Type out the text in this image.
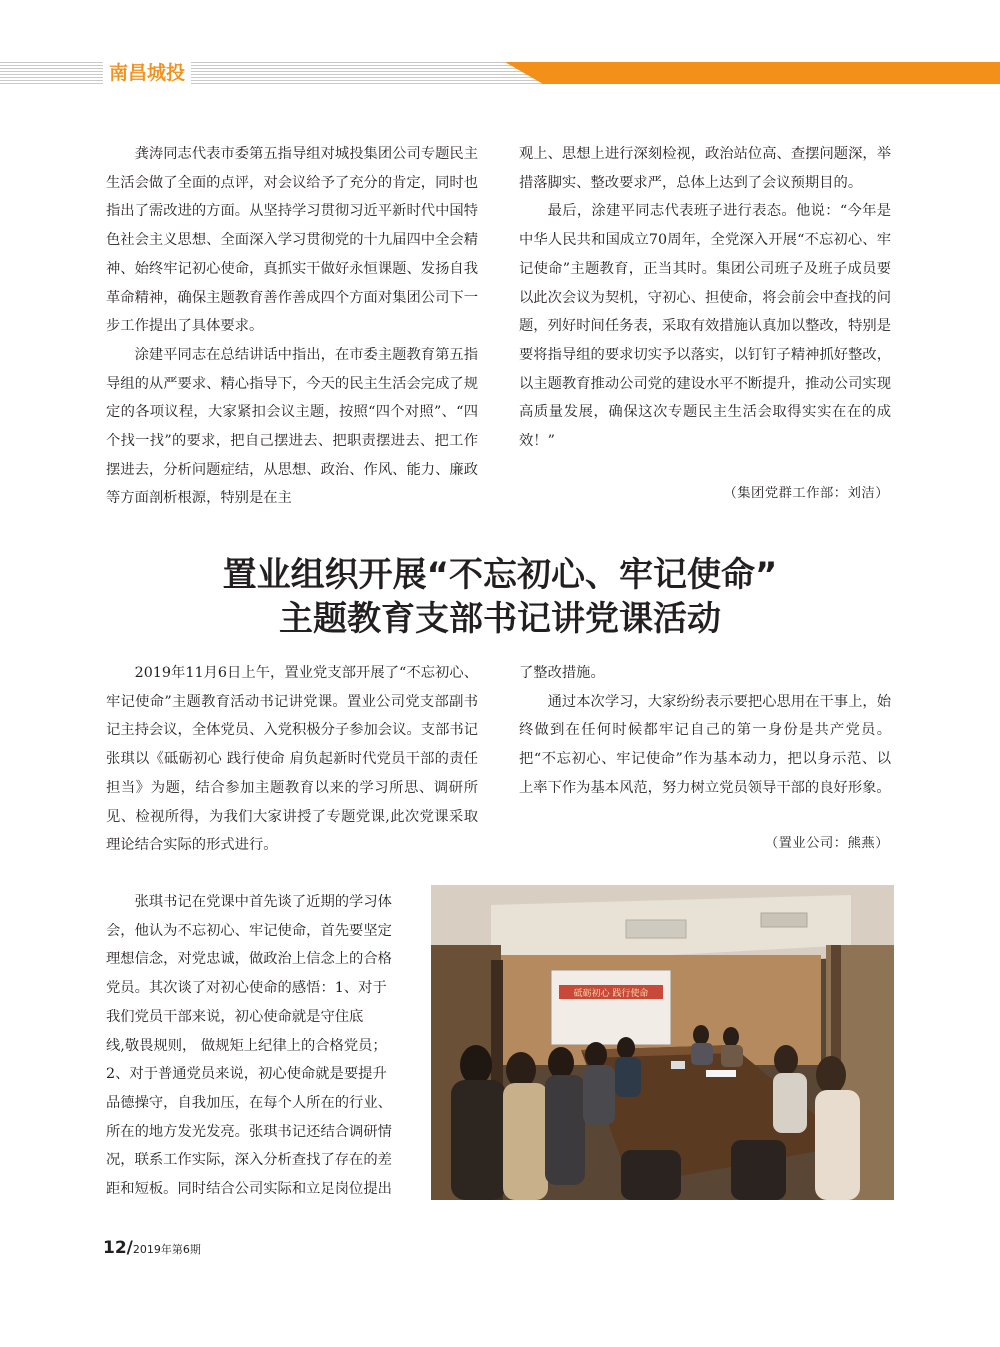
南昌城投

龚涛同志代表市委第五指导组对城投集团公司专题民主生活会做了全面的点评，对会议给予了充分的肯定，同时也指出了需改进的方面。从坚持学习贯彻习近平新时代中国特色社会主义思想、全面深入学习贯彻党的十九届四中全会精神、始终牢记初心使命，真抓实干做好永恒课题、发扬自我革命精神，确保主题教育善作善成四个方面对集团公司下一步工作提出了具体要求。

涂建平同志在总结讲话中指出，在市委主题教育第五指导组的从严要求、精心指导下，今天的民主生活会完成了规定的各项议程，大家紧扣会议主题，按照“四个对照”、“四个找一找”的要求，把自己摆进去、把职责摆进去、把工作摆进去，分析问题症结，从思想、政治、作风、能力、廉政等方面剖析根源，特别是在主

观上、思想上进行深刻检视，政治站位高、查摆问题深，举措落脚实、整改要求严，总体上达到了会议预期目的。

最后，涂建平同志代表班子进行表态。他说：“今年是中华人民共和国成立70周年，全党深入开展“不忘初心、牢记使命”主题教育，正当其时。集团公司班子及班子成员要以此次会议为契机，守初心、担使命，将会前会中查找的问题，列好时间任务表，采取有效措施认真加以整改，特别是要将指导组的要求切实予以落实，以钉钉子精神抓好整改，以主题教育推动公司党的建设水平不断提升，推动公司实现高质量发展，确保这次专题民主生活会取得实实在在的成效！”

（集团党群工作部：刘洁）
置业组织开展“不忘初心、牢记使命”
主题教育支部书记讲党课活动

2019年11月6日上午，置业党支部开展了“不忘初心、牢记使命”主题教育活动书记讲党课。置业公司党支部副书记主持会议，全体党员、入党积极分子参加会议。支部书记张琪以《砥砺初心 践行使命 肩负起新时代党员干部的责任担当》为题，结合参加主题教育以来的学习所思、调研所见、检视所得，为我们大家讲授了专题党课,此次党课采取理论结合实际的形式进行。

张琪书记在党课中首先谈了近期的学习体
会，他认为不忘初心、牢记使命，首先要坚定
理想信念，对党忠诚，做政治上信念上的合格
党员。其次谈了对初心使命的感悟：1、对于
我们党员干部来说，初心使命就是守住底
线,敬畏规则， 做规矩上纪律上的合格党员；
2、对于普通党员来说，初心使命就是要提升
品德操守，自我加压，在每个人所在的行业、
所在的地方发光发亮。张琪书记还结合调研情
况，联系工作实际，深入分析查找了存在的差
距和短板。同时结合公司实际和立足岗位提出

了整改措施。

通过本次学习，大家纷纷表示要把心思用在干事上，始终做到在任何时候都牢记自己的第一身份是共产党员。把“不忘初心、牢记使命”作为基本动力，把以身示范、以上率下作为基本风范，努力树立党员领导干部的良好形象。

（置业公司：熊燕）
砥砺初心 践行使命
12/2019年第6期
